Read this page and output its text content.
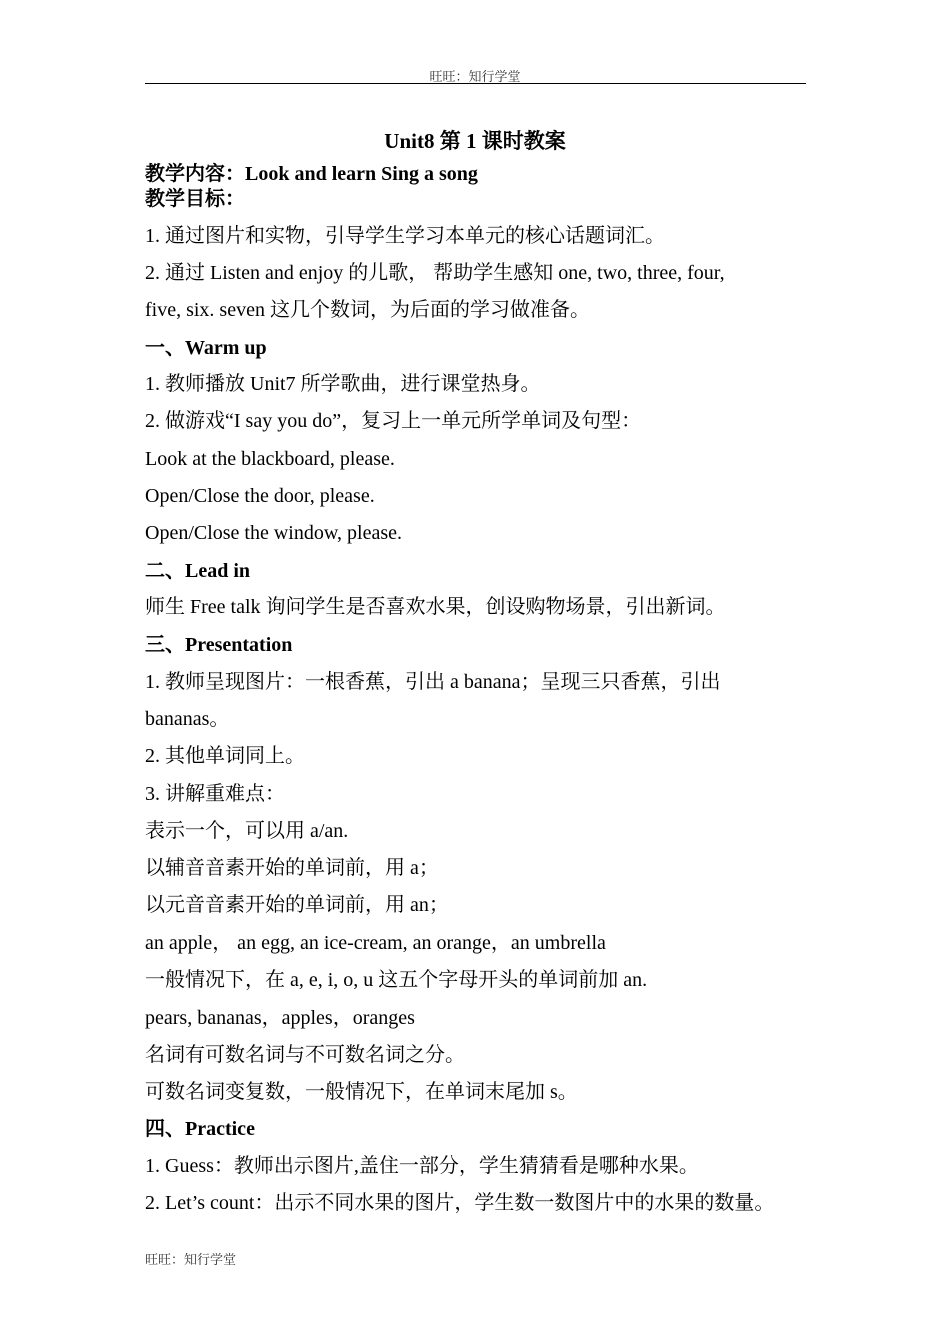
旺旺：知行学堂
Unit8 第 1 课时教案
教学内容：Look and learn Sing a song
教学目标：
1. 通过图片和实物，引导学生学习本单元的核心话题词汇。
2. 通过 Listen and enjoy 的儿歌， 帮助学生感知 one, two, three, four,
five, six. seven 这几个数词，为后面的学习做准备。
一、Warm up
1. 教师播放 Unit7 所学歌曲，进行课堂热身。
2. 做游戏“I say you do”，复习上一单元所学单词及句型：
Look at the blackboard, please.
Open/Close the door, please.
Open/Close the window, please.
二、Lead in
师生 Free talk 询问学生是否喜欢水果，创设购物场景，引出新词。
三、Presentation
1. 教师呈现图片：一根香蕉，引出 a banana；呈现三只香蕉，引出
bananas。
2. 其他单词同上。
3. 讲解重难点：
表示一个，可以用 a/an.
以辅音音素开始的单词前，用 a；
以元音音素开始的单词前，用 an；
an apple， an egg, an ice-cream, an orange，an umbrella
一般情况下，在 a, e, i, o, u 这五个字母开头的单词前加 an.
pears, bananas，apples，oranges
名词有可数名词与不可数名词之分。
可数名词变复数，一般情况下，在单词末尾加 s。
四、Practice
1. Guess：教师出示图片,盖住一部分，学生猜猜看是哪种水果。
2. Let’s count：出示不同水果的图片，学生数一数图片中的水果的数量。
旺旺：知行学堂
